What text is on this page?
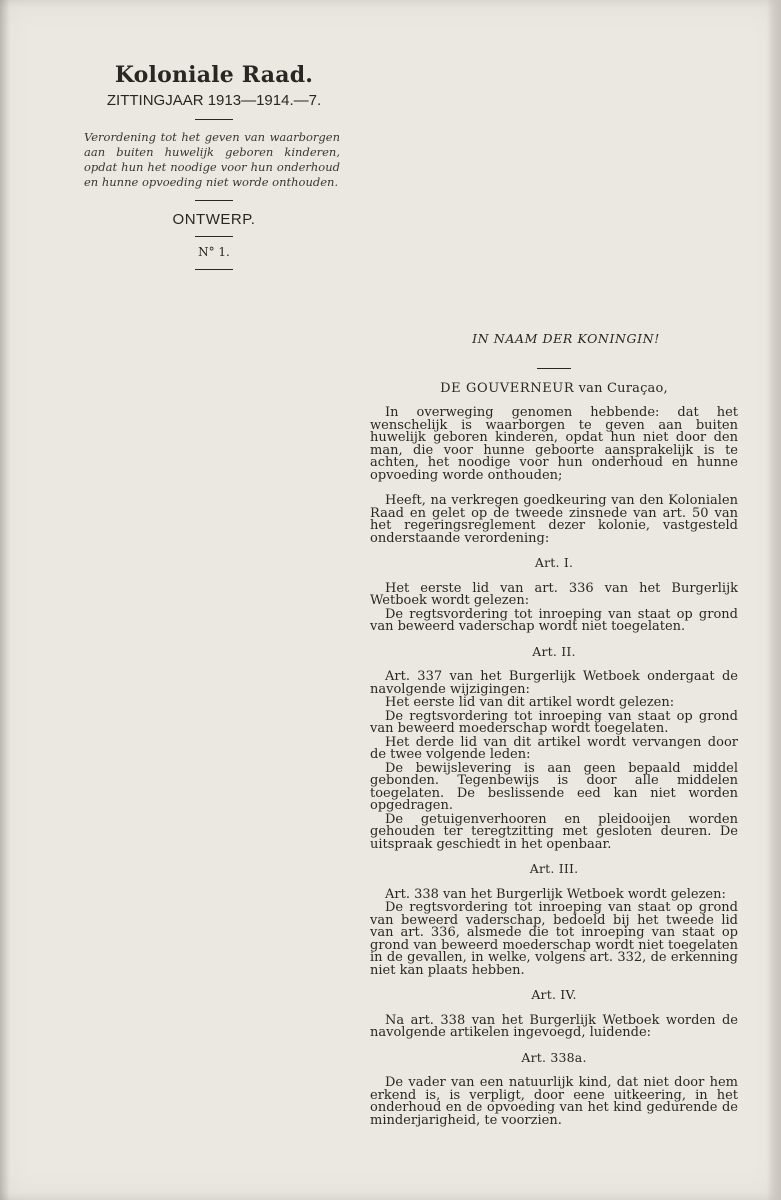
Koloniale Raad.
ZITTINGJAAR 1913—1914.—7.

Verordening tot het geven van waarborgen aan buiten huwelijk geboren kinderen, opdat hun het noodige voor hun onderhoud en hunne opvoeding niet worde onthouden.

ONTWERP.
N° 1.
IN NAAM DER KONINGIN!
DE GOUVERNEUR van Curaçao,

In overweging genomen hebbende: dat het wenschelijk is waarborgen te geven aan buiten huwelijk geboren kinderen, opdat hun niet door den man, die voor hunne geboorte aansprakelijk is te achten, het noodige voor hun onderhoud en hunne opvoeding worde onthouden;

Heeft, na verkregen goedkeuring van den Kolonialen Raad en gelet op de tweede zinsnede van art. 50 van het regeringsreglement dezer kolonie, vastgesteld onderstaande verordening:

Art. I.

Het eerste lid van art. 336 van het Burgerlijk Wetboek wordt gelezen:

De regtsvordering tot inroeping van staat op grond van beweerd vaderschap wordt niet toegelaten.

Art. II.

Art. 337 van het Burgerlijk Wetboek ondergaat de navolgende wijzigingen:

Het eerste lid van dit artikel wordt gelezen:

De regtsvordering tot inroeping van staat op grond van beweerd moederschap wordt toegelaten.

Het derde lid van dit artikel wordt vervangen door de twee volgende leden:

De bewijslevering is aan geen bepaald middel gebonden. Tegenbewijs is door alle middelen toegelaten. De beslissende eed kan niet worden opgedragen.

De getuigenverhooren en pleidooijen worden gehouden ter teregtzitting met gesloten deuren. De uitspraak geschiedt in het openbaar.

Art. III.

Art. 338 van het Burgerlijk Wetboek wordt gelezen:

De regtsvordering tot inroeping van staat op grond van beweerd vaderschap, bedoeld bij het tweede lid van art. 336, alsmede die tot inroeping van staat op grond van beweerd moederschap wordt niet toegelaten in de gevallen, in welke, volgens art. 332, de erkenning niet kan plaats hebben.

Art. IV.

Na art. 338 van het Burgerlijk Wetboek worden de navolgende artikelen ingevoegd, luidende:

Art. 338a.

De vader van een natuurlijk kind, dat niet door hem erkend is, is verpligt, door eene uitkeering, in het onderhoud en de opvoeding van het kind gedurende de minderjarigheid, te voorzien.
